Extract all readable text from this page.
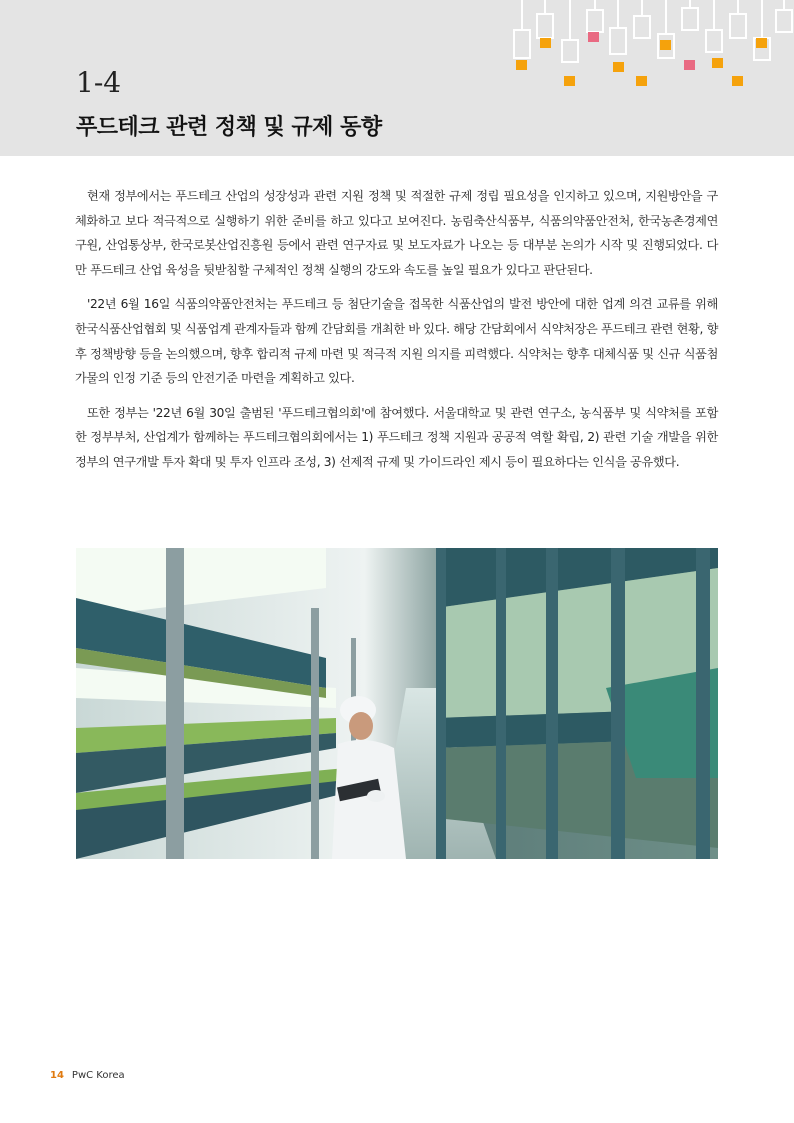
1-4
푸드테크 관련 정책 및 규제 동향

현재 정부에서는 푸드테크 산업의 성장성과 관련 지원 정책 및 적절한 규제 정립 필요성을 인지하고 있으며, 지원방안을 구체화하고 보다 적극적으로 실행하기 위한 준비를 하고 있다고 보여진다. 농림축산식품부, 식품의약품안전처, 한국농촌경제연구원, 산업통상부, 한국로봇산업진흥원 등에서 관련 연구자료 및 보도자료가 나오는 등 대부분 논의가 시작 및 진행되었다. 다만 푸드테크 산업 육성을 뒷받침할 구체적인 정책 실행의 강도와 속도를 높일 필요가 있다고 판단된다.

'22년 6월 16일 식품의약품안전처는 푸드테크 등 첨단기술을 접목한 식품산업의 발전 방안에 대한 업계 의견 교류를 위해 한국식품산업협회 및 식품업계 관계자들과 함께 간담회를 개최한 바 있다. 해당 간담회에서 식약처장은 푸드테크 관련 현황, 향후 정책방향 등을 논의했으며, 향후 합리적 규제 마련 및 적극적 지원 의지를 피력했다. 식약처는 향후 대체식품 및 신규 식품첨가물의 인정 기준 등의 안전기준 마련을 계획하고 있다.

또한 정부는 '22년 6월 30일 출범된 '푸드테크협의회'에 참여했다. 서울대학교 및 관련 연구소, 농식품부 및 식약처를 포함한 정부부처, 산업계가 함께하는 푸드테크협의회에서는 1) 푸드테크 정책 지원과 공공적 역할 확립, 2) 관련 기술 개발을 위한 정부의 연구개발 투자 확대 및 투자 인프라 조성, 3) 선제적 규제 및 가이드라인 제시 등이 필요하다는 인식을 공유했다.

14 PwC Korea
